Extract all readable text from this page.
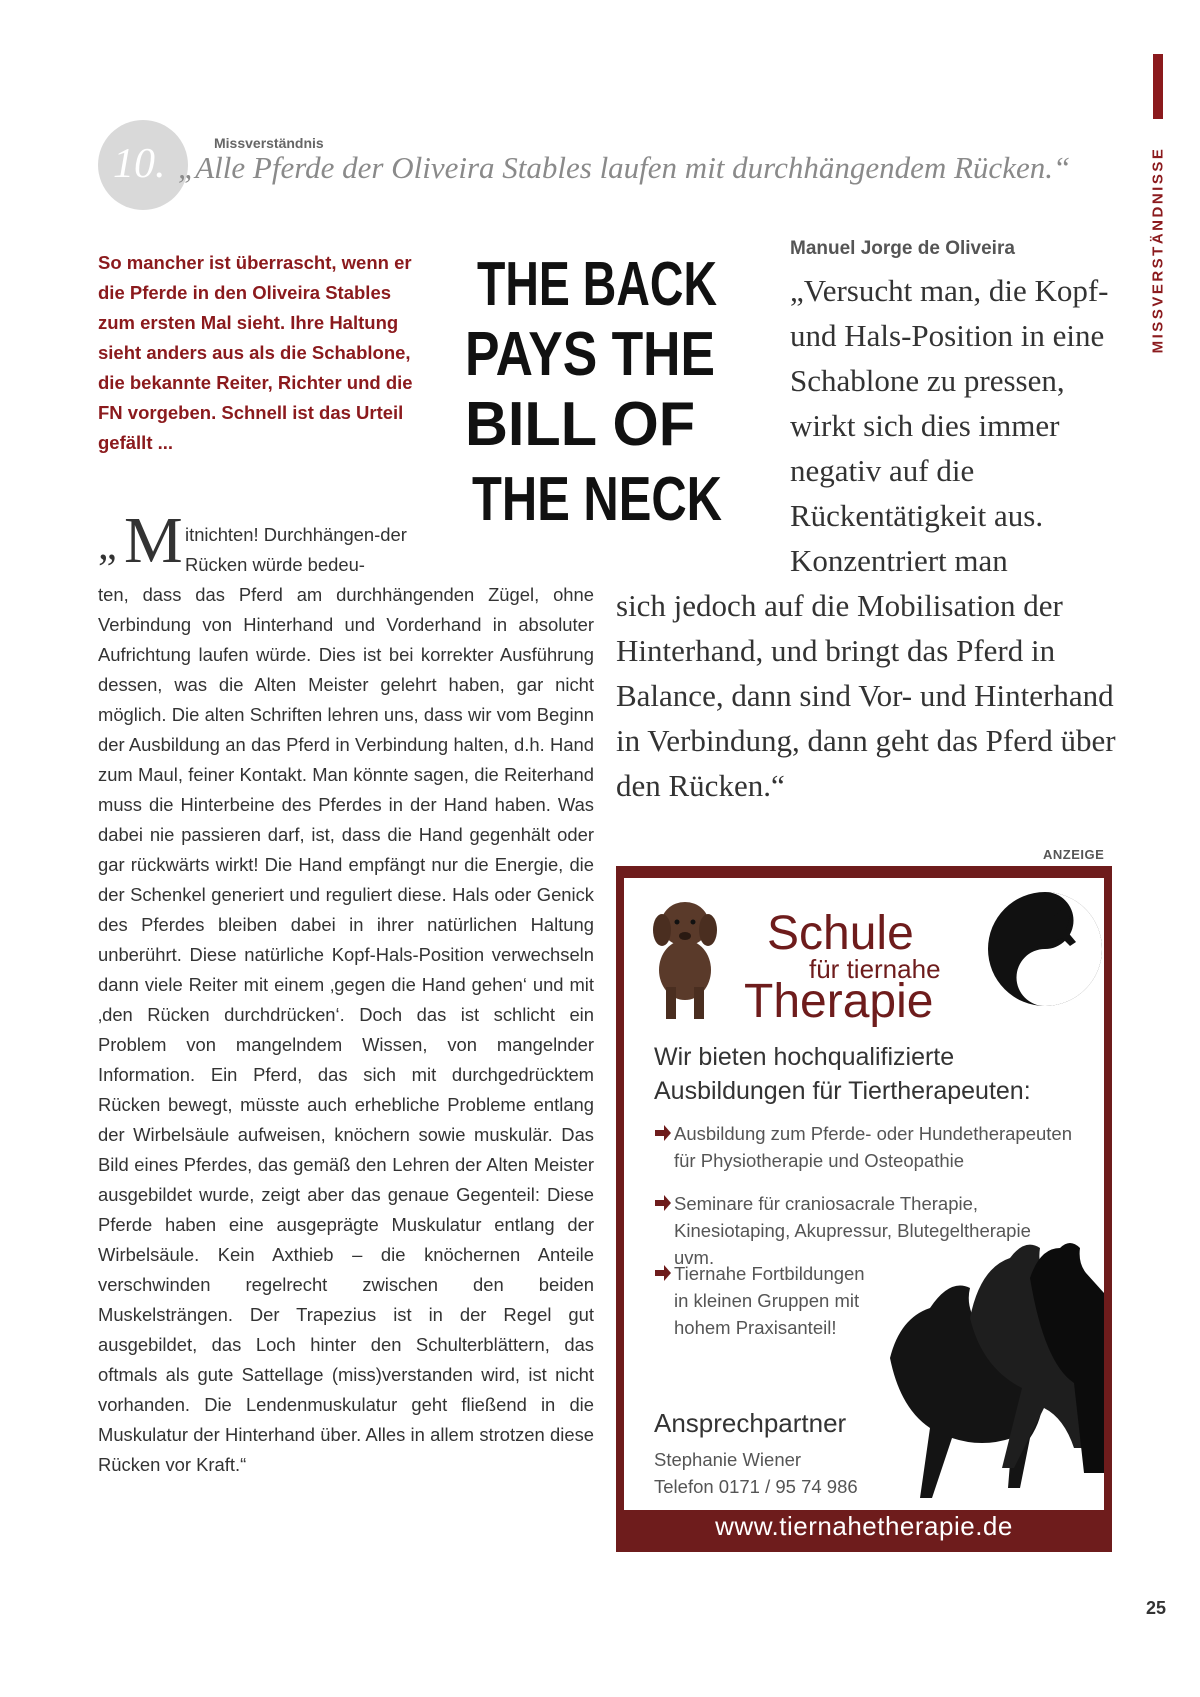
MISSVERSTÄNDNISSE
10.	Missverständnis
„Alle Pferde der Oliveira Stables laufen mit durchhängendem Rücken.“
So mancher ist überrascht, wenn er die Pferde in den Oliveira Stables zum ersten Mal sieht. Ihre Haltung sieht anders aus als die Schablone, die bekannte Reiter, Richter und die FN vorgeben. Schnell ist das Urteil gefällt ...
THE BACK
PAYS THE
BILL OF
THE NECK
„ M itnichten! Durchhängen-der Rücken würde bedeu-
ten, dass das Pferd am durchhängenden Zügel, ohne Verbindung von Hinterhand und Vorderhand in absoluter Aufrichtung laufen würde. Dies ist bei korrekter Ausführung dessen, was die Alten Meister gelehrt haben, gar nicht möglich. Die alten Schriften lehren uns, dass wir vom Beginn der Ausbildung an das Pferd in Verbindung halten, d.h. Hand zum Maul, feiner Kontakt. Man könnte sagen, die Reiterhand muss die Hinterbeine des Pferdes in der Hand haben. Was dabei nie passieren darf, ist, dass die Hand gegenhält oder gar rückwärts wirkt! Die Hand empfängt nur die Energie, die der Schenkel generiert und reguliert diese. Hals oder Genick des Pferdes bleiben dabei in ihrer natürlichen Haltung unberührt. Diese natürliche Kopf-Hals-Position verwechseln dann viele Reiter mit einem ‚gegen die Hand gehen‘ und mit ‚den Rücken durchdrücken‘. Doch das ist schlicht ein Problem von mangelndem Wissen, von mangelnder Information. Ein Pferd, das sich mit durchgedrücktem Rücken bewegt, müsste auch erhebliche Probleme entlang der Wirbelsäule aufweisen, knöchern sowie muskulär. Das Bild eines Pferdes, das gemäß den Lehren der Alten Meister ausgebildet wurde, zeigt aber das genaue Gegenteil: Diese Pferde haben eine ausgeprägte Muskulatur entlang der Wirbelsäule. Kein Axthieb – die knöchernen Anteile verschwinden regelrecht zwischen den beiden Muskelsträngen. Der Trapezius ist in der Regel gut ausgebildet, das Loch hinter den Schulterblättern, das oftmals als gute Sattellage (miss)verstanden wird, ist nicht vorhanden. Die Lendenmuskulatur geht fließend in die Muskulatur der Hinterhand über. Alles in allem strotzen diese Rücken vor Kraft.“
Manuel Jorge de Oliveira
„Versucht man, die Kopf- und Hals-Position in eine Schablone zu pressen, wirkt sich dies immer negativ auf die Rückentätigkeit aus. Konzentriert man
sich jedoch auf die Mobilisation der Hinterhand, und bringt das Pferd in Balance, dann sind Vor- und Hinterhand in Verbindung, dann geht das Pferd über den Rücken.“
ANZEIGE
Schule
für tiernahe
Therapie
Wir bieten hochqualifizierte Ausbildungen für Tiertherapeuten:
Ausbildung zum Pferde- oder Hundetherapeuten für Physiotherapie und Osteopathie
Seminare für craniosacrale Therapie, Kinesiotaping, Akupressur, Blutegeltherapie uvm.
Tiernahe Fortbildungen in kleinen Gruppen mit hohem Praxisanteil!
Ansprechpartner
Stephanie Wiener
Telefon 0171 / 95 74 986
www.tiernahetherapie.de
25
